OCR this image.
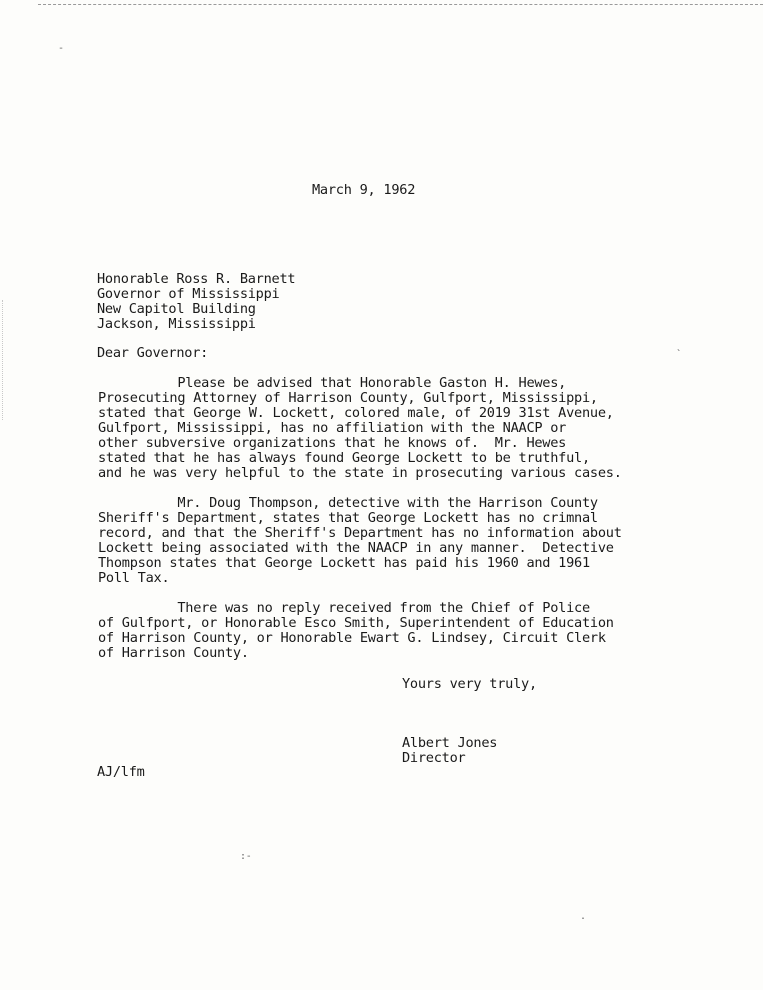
March 9, 1962
Honorable Ross R. Barnett
Governor of Mississippi
New Capitol Building
Jackson, Mississippi
Dear Governor:
Please be advised that Honorable Gaston H. Hewes,
Prosecuting Attorney of Harrison County, Gulfport, Mississippi,
stated that George W. Lockett, colored male, of 2019 31st Avenue,
Gulfport, Mississippi, has no affiliation with the NAACP or
other subversive organizations that he knows of.  Mr. Hewes
stated that he has always found George Lockett to be truthful,
and he was very helpful to the state in prosecuting various cases.
Mr. Doug Thompson, detective with the Harrison County
Sheriff's Department, states that George Lockett has no crimnal
record, and that the Sheriff's Department has no information about
Lockett being associated with the NAACP in any manner.  Detective
Thompson states that George Lockett has paid his 1960 and 1961
Poll Tax.
There was no reply received from the Chief of Police
of Gulfport, or Honorable Esco Smith, Superintendent of Education
of Harrison County, or Honorable Ewart G. Lindsey, Circuit Clerk
of Harrison County.
Yours very truly,
Albert Jones
Director
AJ/lfm
-
`
:-
.
